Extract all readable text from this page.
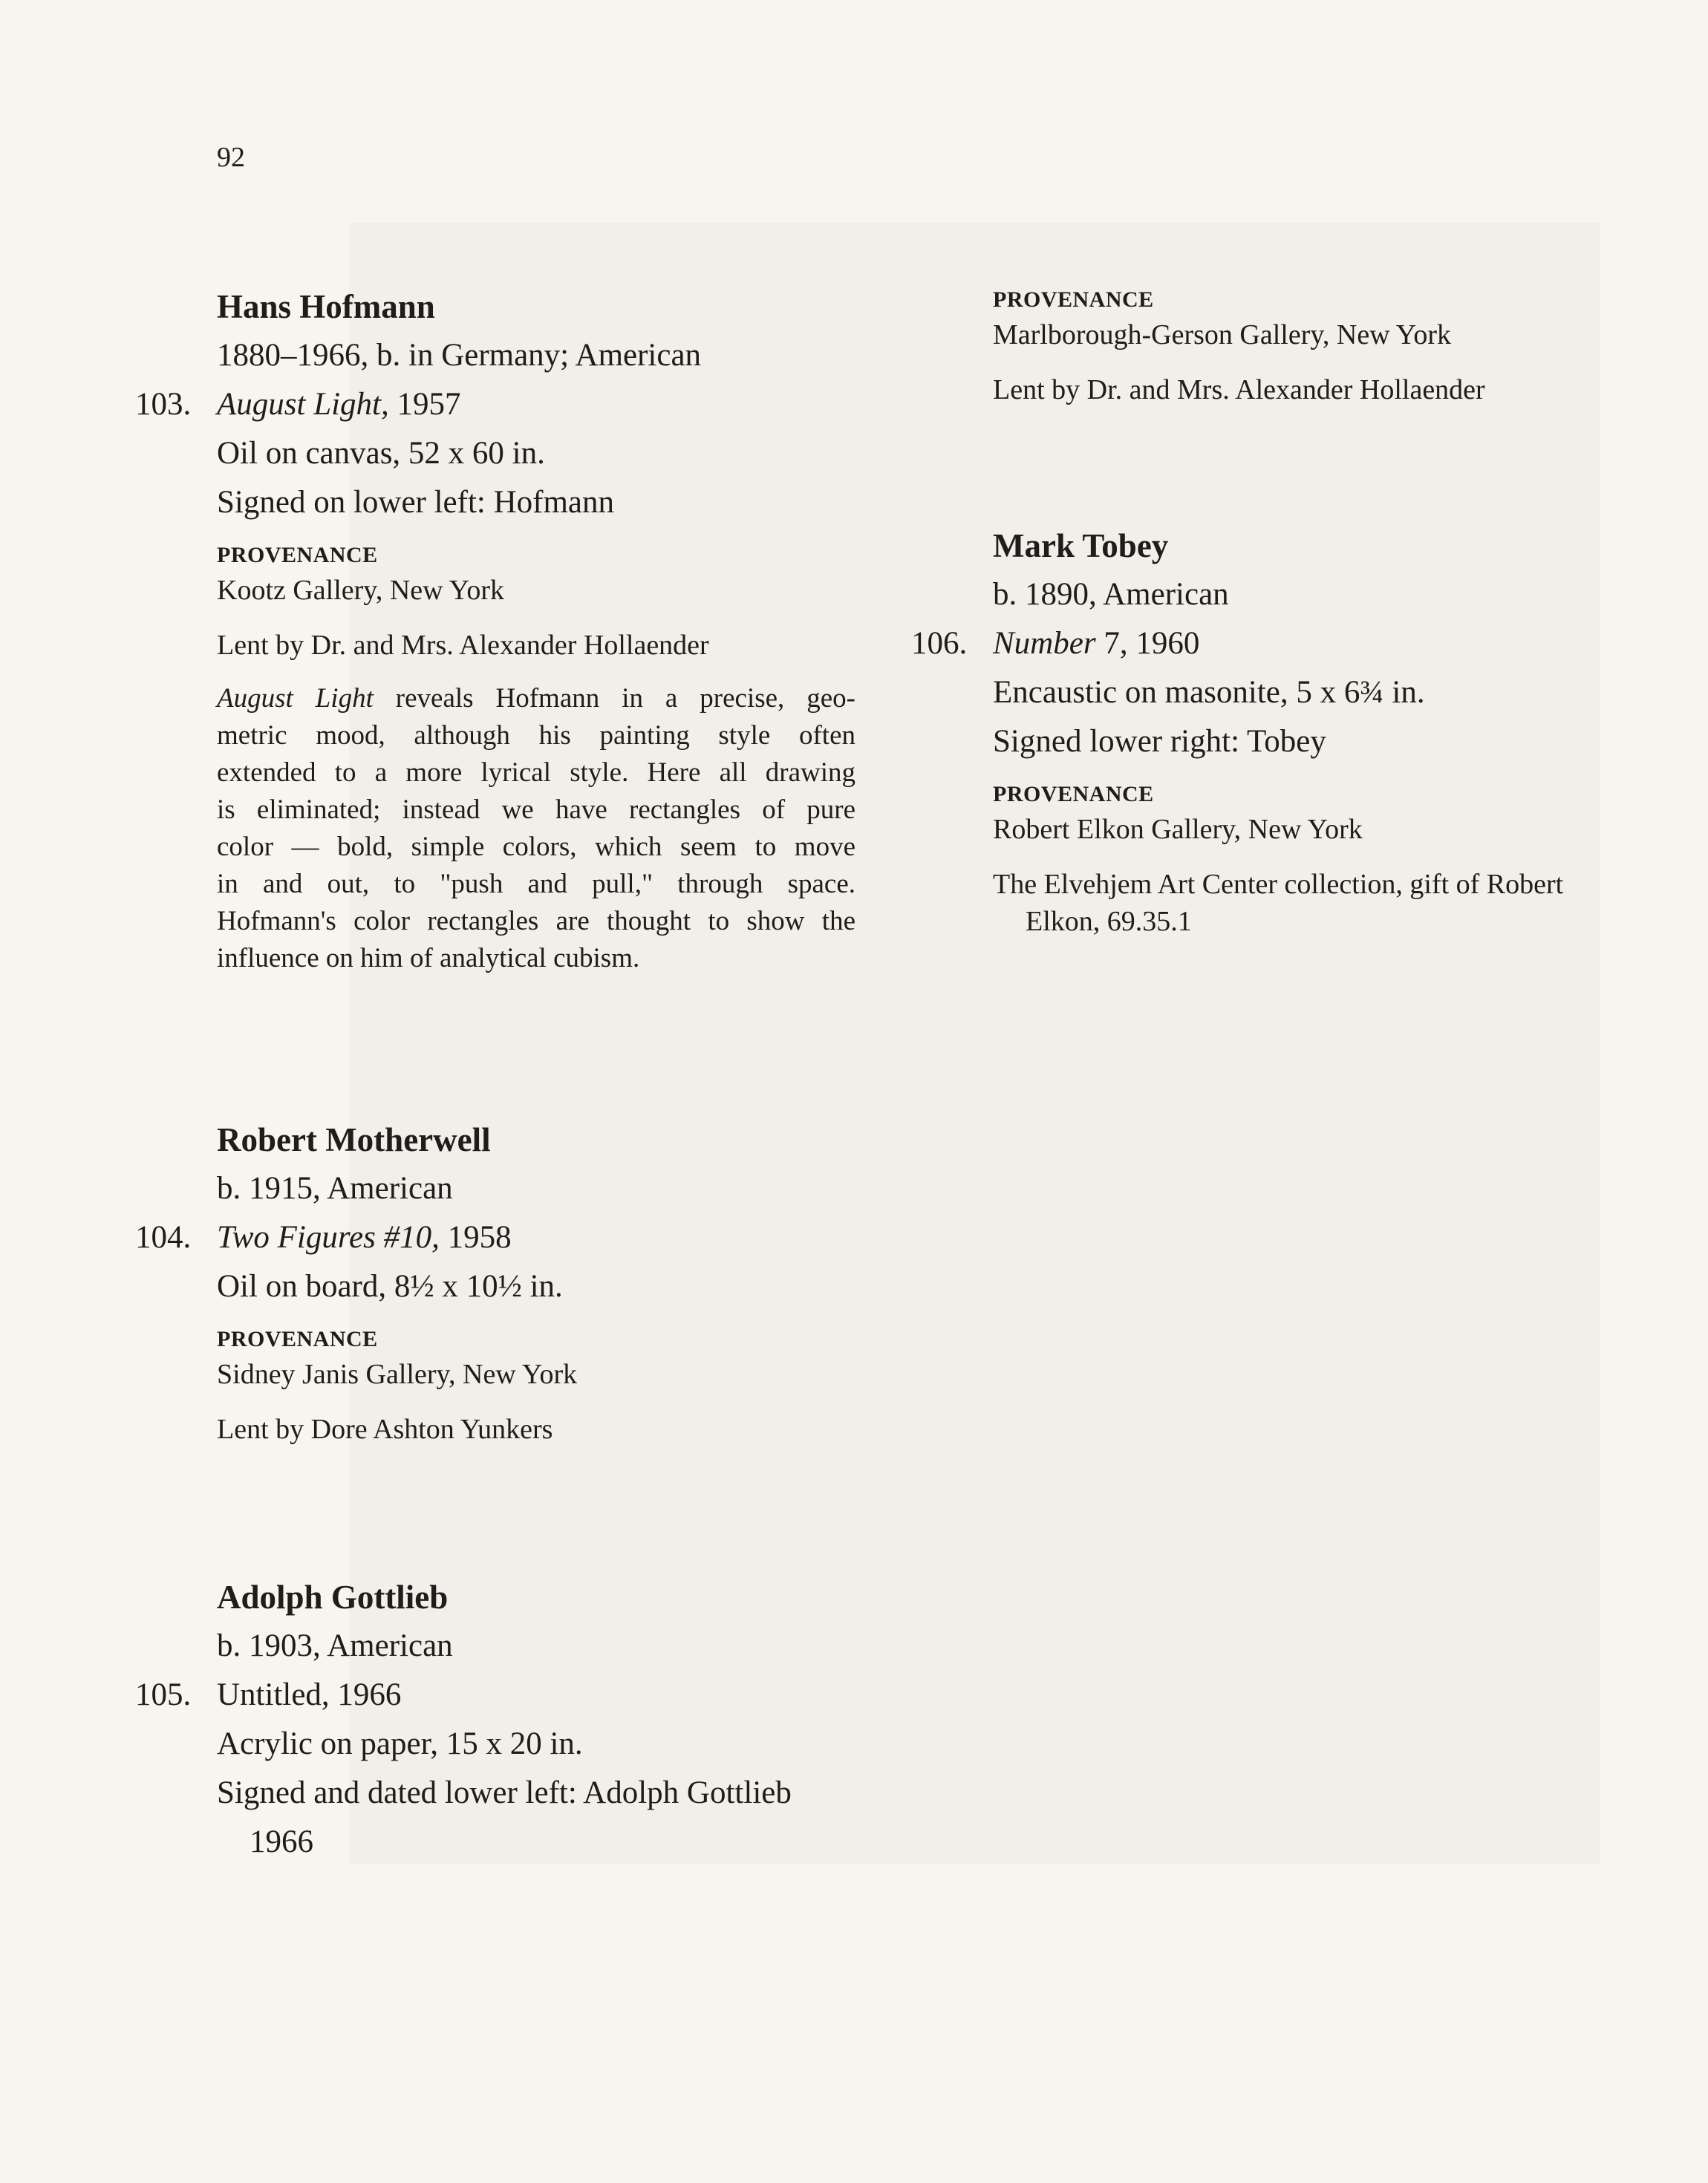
92
Hans Hofmann
1880–1966, b. in Germany; American
103. August Light, 1957
Oil on canvas, 52 x 60 in.
Signed on lower left: Hofmann
PROVENANCE
Kootz Gallery, New York
Lent by Dr. and Mrs. Alexander Hollaender
August Light reveals Hofmann in a precise, geo-
metric mood, although his painting style often
extended to a more lyrical style. Here all drawing
is eliminated; instead we have rectangles of pure
color — bold, simple colors, which seem to move
in and out, to "push and pull," through space.
Hofmann's color rectangles are thought to show the
influence on him of analytical cubism.
Robert Motherwell
b. 1915, American
104. Two Figures #10, 1958
Oil on board, 8½ x 10½ in.
PROVENANCE
Sidney Janis Gallery, New York
Lent by Dore Ashton Yunkers
Adolph Gottlieb
b. 1903, American
105. Untitled, 1966
Acrylic on paper, 15 x 20 in.
Signed and dated lower left: Adolph Gottlieb
1966
PROVENANCE
Marlborough-Gerson Gallery, New York
Lent by Dr. and Mrs. Alexander Hollaender
Mark Tobey
b. 1890, American
106. Number 7, 1960
Encaustic on masonite, 5 x 6¾ in.
Signed lower right: Tobey
PROVENANCE
Robert Elkon Gallery, New York
The Elvehjem Art Center collection, gift of Robert
Elkon, 69.35.1
